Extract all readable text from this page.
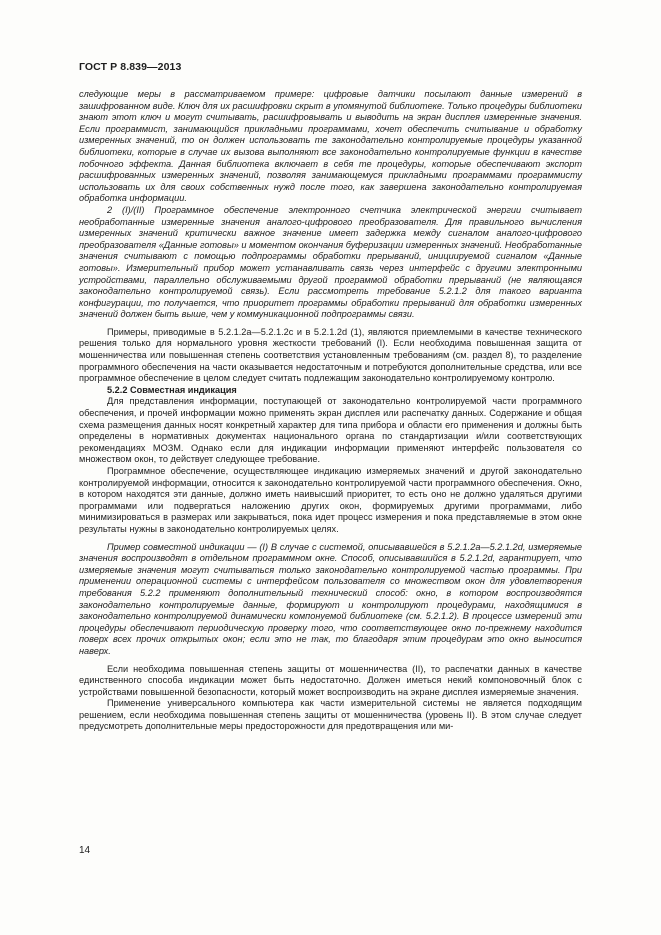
ГОСТ Р 8.839—2013

следующие меры в рассматриваемом примере: цифровые датчики посылают данные измерений в зашифрованном виде. Ключ для их расшифровки скрыт в упомянутой библиотеке. Только процедуры библиотеки знают этот ключ и могут считывать, расшифровывать и выводить на экран дисплея измеренные значения. Если программист, занимающийся прикладными программами, хочет обеспечить считывание и обработку измеренных значений, то он должен использовать те законодательно контролируемые процедуры указанной библиотеки, которые в случае их вызова выполняют все законодательно контролируемые функции в качестве побочного эффекта. Данная библиотека включает в себя те процедуры, которые обеспечивают экспорт расшифрованных измеренных значений, позволяя занимающемуся прикладными программами программисту использовать их для своих собственных нужд после того, как завершена законодательно контролируемая обработка информации.

2 (I)/(II) Программное обеспечение электронного счетчика электрической энергии считывает необработанные измеренные значения аналого-цифрового преобразователя. Для правильного вычисления измеренных значений критически важное значение имеет задержка между сигналом аналого-цифрового преобразователя «Данные готовы» и моментом окончания буферизации измеренных значений. Необработанные значения считывают с помощью подпрограммы обработки прерываний, инициируемой сигналом «Данные готовы». Измерительный прибор может устанавливать связь через интерфейс с другими электронными устройствами, параллельно обслуживаемыми другой программой обработки прерываний (не являющаяся законодательно контролируемой связь). Если рассмотреть требование 5.2.1.2 для такого варианта конфигурации, то получается, что приоритет программы обработки прерываний для обработки измеренных значений должен быть выше, чем у коммуникационной подпрограммы связи.

Примеры, приводимые в 5.2.1.2а—5.2.1.2с и в 5.2.1.2d (1), являются приемлемыми в качестве технического решения только для нормального уровня жесткости требований (I). Если необходима повышенная защита от мошенничества или повышенная степень соответствия установленным требованиям (см. раздел 8), то разделение программного обеспечения на части оказывается недостаточным и потребуются дополнительные средства, или все программное обеспечение в целом следует считать подлежащим законодательно контролируемому контролю.

5.2.2 Совместная индикация

Для представления информации, поступающей от законодательно контролируемой части программного обеспечения, и прочей информации можно применять экран дисплея или распечатку данных. Содержание и общая схема размещения данных носят конкретный характер для типа прибора и области его применения и должны быть определены в нормативных документах национального органа по стандартизации и/или соответствующих рекомендациях МОЗМ. Однако если для индикации информации применяют интерфейс пользователя со множеством окон, то действует следующее требование.

Программное обеспечение, осуществляющее индикацию измеряемых значений и другой законодательно контролируемой информации, относится к законодательно контролируемой части программного обеспечения. Окно, в котором находятся эти данные, должно иметь наивысший приоритет, то есть оно не должно удаляться другими программами или подвергаться наложению других окон, формируемых другими программами, либо минимизироваться в размерах или закрываться, пока идет процесс измерения и пока представляемые в этом окне результаты нужны в законодательно контролируемых целях.

Пример совместной индикации — (I) В случае с системой, описывавшейся в 5.2.1.2а—5.2.1.2d, измеряемые значения воспроизводят в отдельном программном окне. Способ, описывавшийся в 5.2.1.2d, гарантирует, что измеряемые значения могут считываться только законодательно контролируемой частью программы. При применении операционной системы с интерфейсом пользователя со множеством окон для удовлетворения требования 5.2.2 применяют дополнительный технический способ: окно, в котором воспроизводятся законодательно контролируемые данные, формируют и контролируют процедурами, находящимися в законодательно контролируемой динамически компонуемой библиотеке (см. 5.2.1.2). В процессе измерений эти процедуры обеспечивают периодическую проверку того, что соответствующее окно по-прежнему находится поверх всех прочих открытых окон; если это не так, то благодаря этим процедурам это окно выносится наверх.

Если необходима повышенная степень защиты от мошенничества (II), то распечатки данных в качестве единственного способа индикации может быть недостаточно. Должен иметься некий компоновочный блок с устройствами повышенной безопасности, который может воспроизводить на экране дисплея измеряемые значения.

Применение универсального компьютера как части измерительной системы не является подходящим решением, если необходима повышенная степень защиты от мошенничества (уровень II). В этом случае следует предусмотреть дополнительные меры предосторожности для предотвращения или ми-

14
